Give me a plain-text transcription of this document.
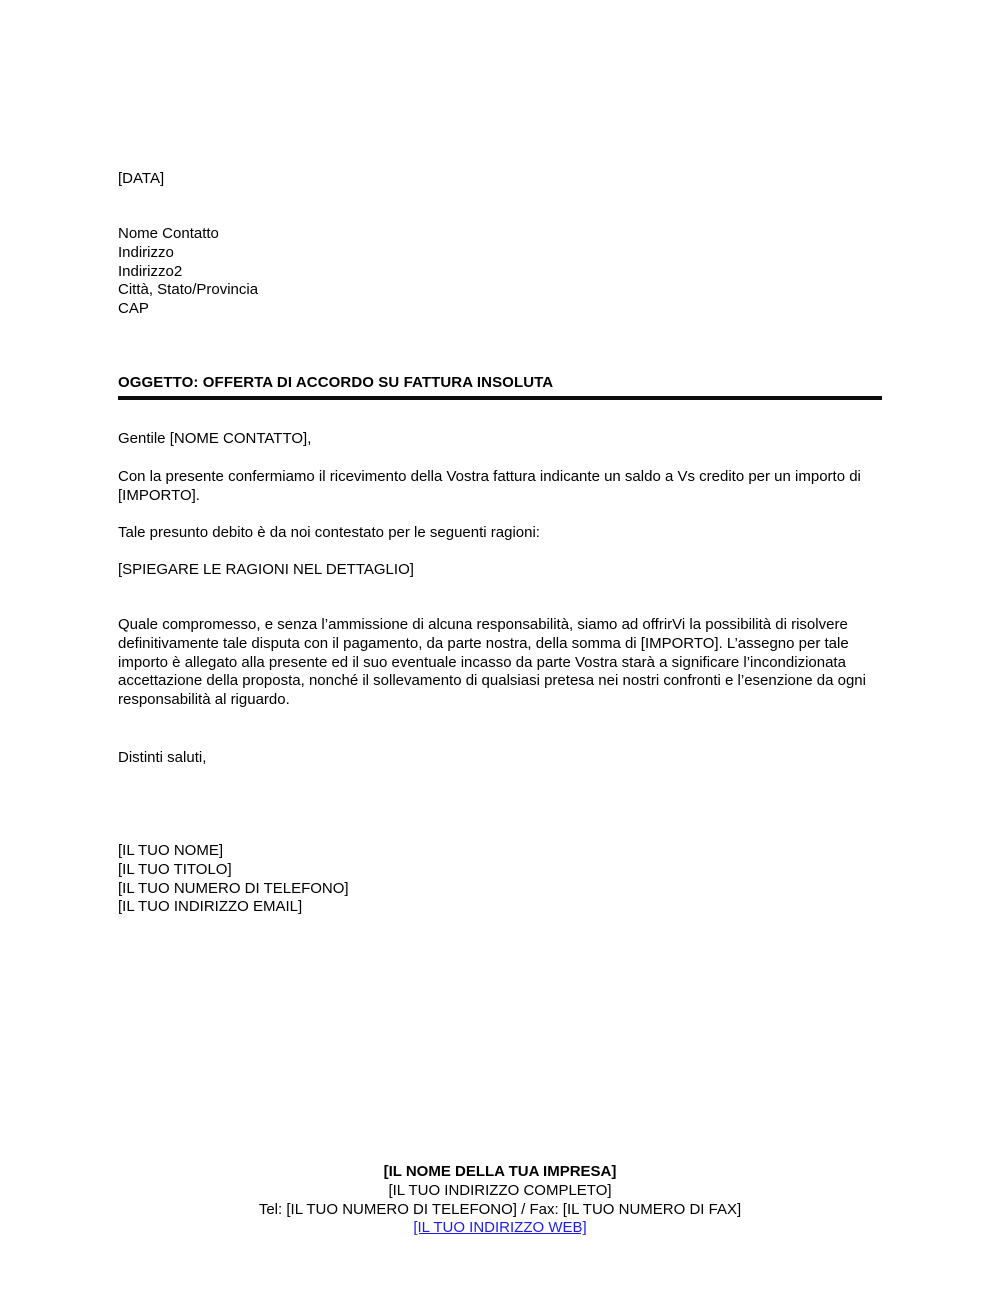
[DATA]
Nome Contatto
Indirizzo
Indirizzo2
Città, Stato/Provincia
CAP
OGGETTO: OFFERTA DI ACCORDO SU FATTURA INSOLUTA
Gentile [NOME CONTATTO],
Con la presente confermiamo il ricevimento della Vostra fattura indicante un saldo a Vs credito per un importo di [IMPORTO].
Tale presunto debito è da noi contestato per le seguenti ragioni:
[SPIEGARE LE RAGIONI NEL DETTAGLIO]
Quale compromesso, e senza l’ammissione di alcuna responsabilità, siamo ad offrirVi la possibilità di risolvere definitivamente tale disputa con il pagamento, da parte nostra, della somma di [IMPORTO]. L’assegno per tale importo è allegato alla presente ed il suo eventuale incasso da parte Vostra starà a significare l’incondizionata accettazione della proposta, nonché il sollevamento di qualsiasi pretesa nei nostri confronti e l’esenzione da ogni responsabilità al riguardo.
Distinti saluti,
[IL TUO NOME]
[IL TUO TITOLO]
[IL TUO NUMERO DI TELEFONO]
[IL TUO INDIRIZZO EMAIL]
[IL NOME DELLA TUA IMPRESA]
[IL TUO INDIRIZZO COMPLETO]
Tel: [IL TUO NUMERO DI TELEFONO] / Fax: [IL TUO NUMERO DI FAX]
[IL TUO INDIRIZZO WEB]
